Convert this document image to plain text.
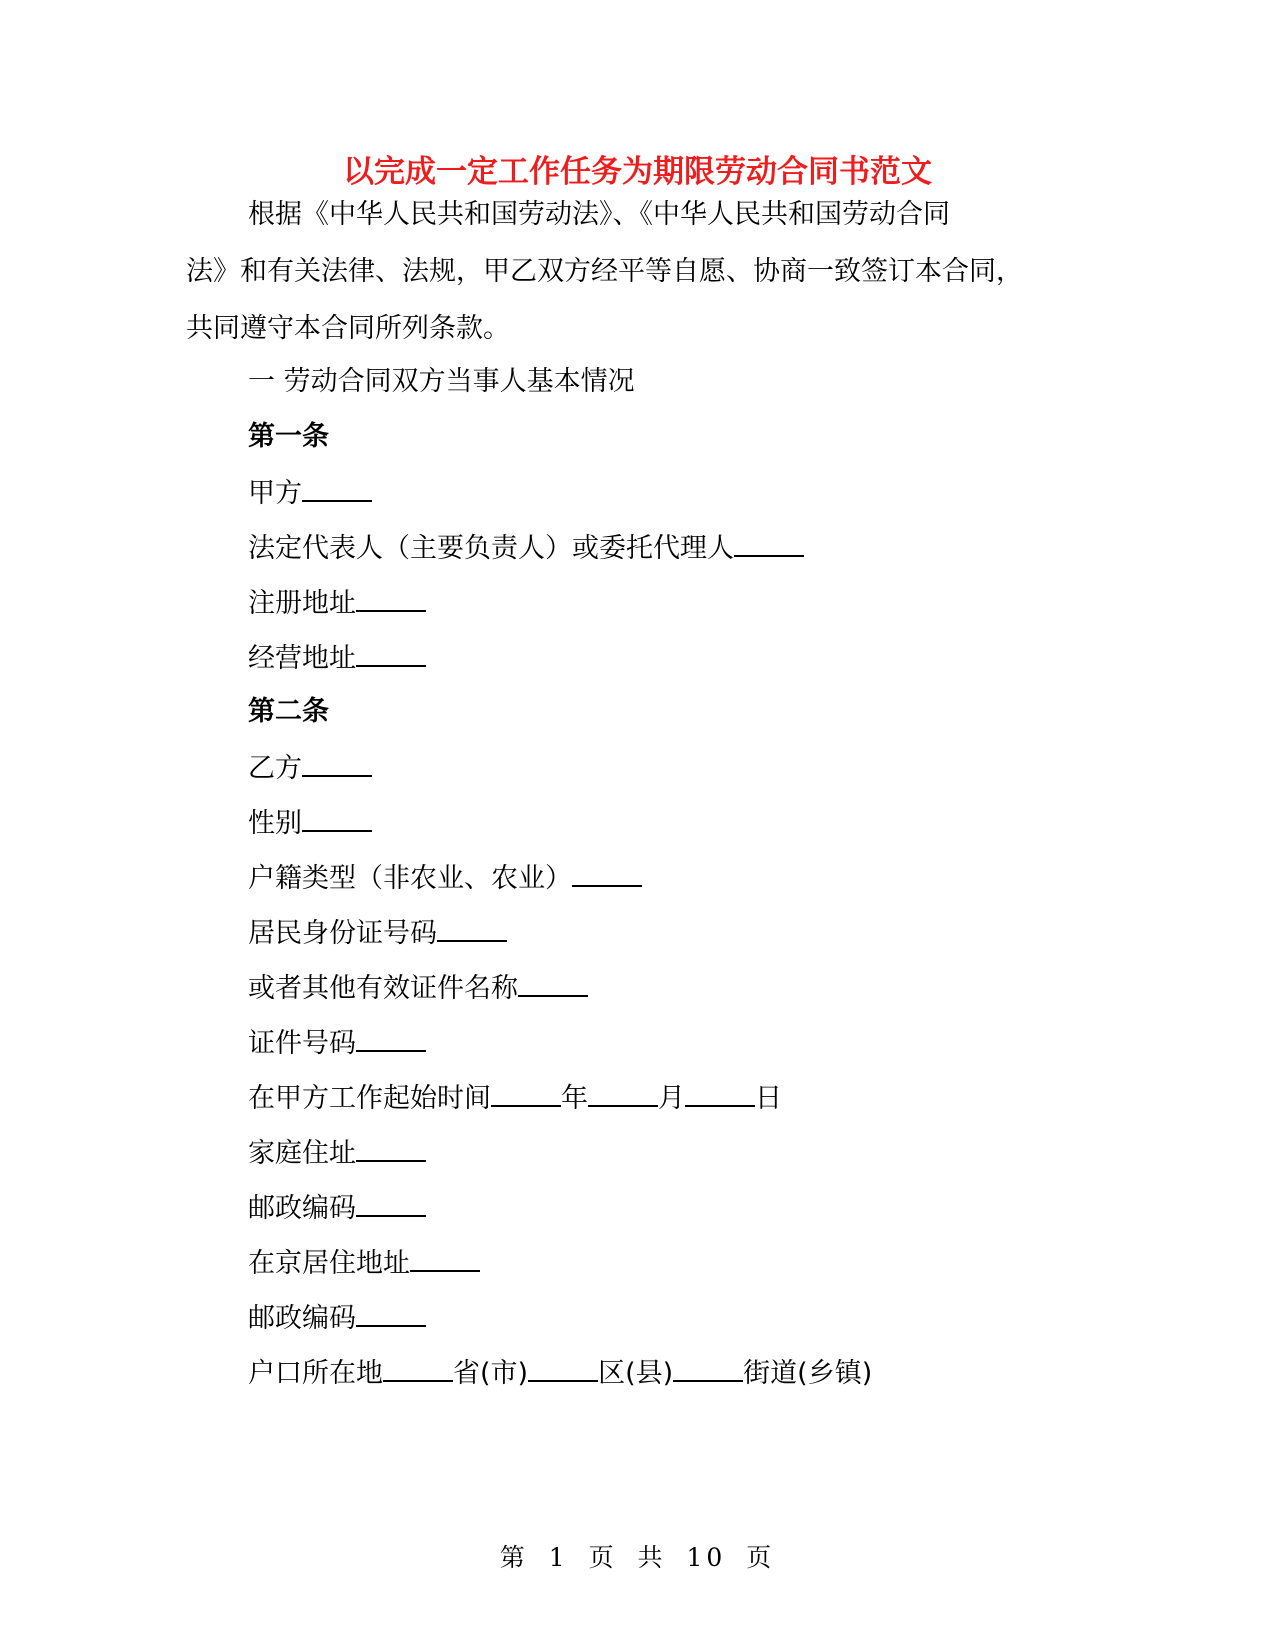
以完成一定工作任务为期限劳动合同书范文
根据《中华人民共和国劳动法》、《中华人民共和国劳动合同
法》和有关法律、法规，甲乙双方经平等自愿、协商一致签订本合同，
共同遵守本合同所列条款。
一 劳动合同双方当事人基本情况
第一条
甲方
法定代表人（主要负责人）或委托代理人
注册地址
经营地址
第二条
乙方
性别
户籍类型（非农业、农业）
居民身份证号码
或者其他有效证件名称
证件号码
在甲方工作起始时间	年	月	日
家庭住址
邮政编码
在京居住地址
邮政编码
户口所在地	省(市)	区(县)	街道(乡镇)
第 1 页 共 10 页
